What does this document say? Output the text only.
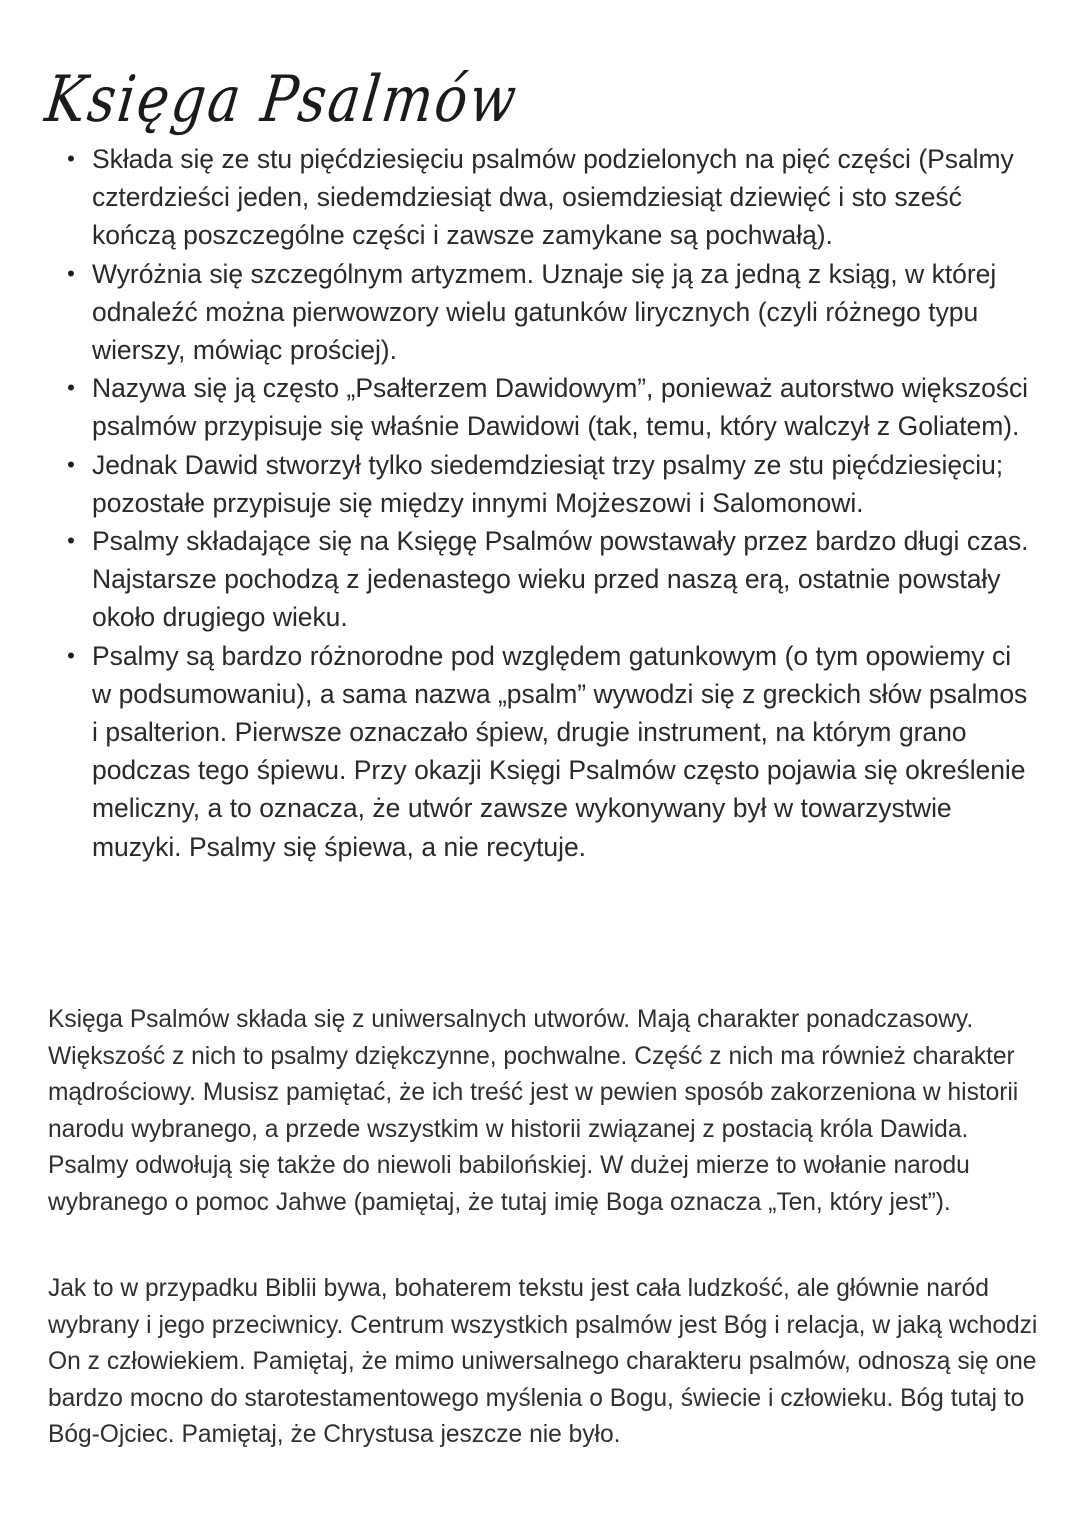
Księga Psalmów
• Składa się ze stu pięćdziesięciu psalmów podzielonych na pięć części (Psalmy czterdzieści jeden, siedemdziesiąt dwa, osiemdziesiąt dziewięć i sto sześć kończą poszczególne części i zawsze zamykane są pochwałą).
• Wyróżnia się szczególnym artyzmem. Uznaje się ją za jedną z ksiąg, w której odnaleźć można pierwowzory wielu gatunków lirycznych (czyli różnego typu wierszy, mówiąc prościej).
• Nazywa się ją często „Psałterzem Dawidowym”, ponieważ autorstwo większości psalmów przypisuje się właśnie Dawidowi (tak, temu, który walczył z Goliatem).
• Jednak Dawid stworzył tylko siedemdziesiąt trzy psalmy ze stu pięćdziesięciu; pozostałe przypisuje się między innymi Mojżeszowi i Salomonowi.
• Psalmy składające się na Księgę Psalmów powstawały przez bardzo długi czas. Najstarsze pochodzą z jedenastego wieku przed naszą erą, ostatnie powstały około drugiego wieku.
• Psalmy są bardzo różnorodne pod względem gatunkowym (o tym opowiemy ci w podsumowaniu), a sama nazwa „psalm” wywodzi się z greckich słów psalmos i psalterion. Pierwsze oznaczało śpiew, drugie instrument, na którym grano podczas tego śpiewu. Przy okazji Księgi Psalmów często pojawia się określenie meliczny, a to oznacza, że utwór zawsze wykonywany był w towarzystwie muzyki. Psalmy się śpiewa, a nie recytuje.

Księga Psalmów składa się z uniwersalnych utworów. Mają charakter ponadczasowy. Większość z nich to psalmy dziękczynne, pochwalne. Część z nich ma również charakter mądrościowy. Musisz pamiętać, że ich treść jest w pewien sposób zakorzeniona w historii narodu wybranego, a przede wszystkim w historii związanej z postacią króla Dawida. Psalmy odwołują się także do niewoli babilońskiej. W dużej mierze to wołanie narodu wybranego o pomoc Jahwe (pamiętaj, że tutaj imię Boga oznacza „Ten, który jest”).

Jak to w przypadku Biblii bywa, bohaterem tekstu jest cała ludzkość, ale głównie naród wybrany i jego przeciwnicy. Centrum wszystkich psalmów jest Bóg i relacja, w jaką wchodzi On z człowiekiem. Pamiętaj, że mimo uniwersalnego charakteru psalmów, odnoszą się one bardzo mocno do starotestamentowego myślenia o Bogu, świecie i człowieku. Bóg tutaj to Bóg-Ojciec. Pamiętaj, że Chrystusa jeszcze nie było.
